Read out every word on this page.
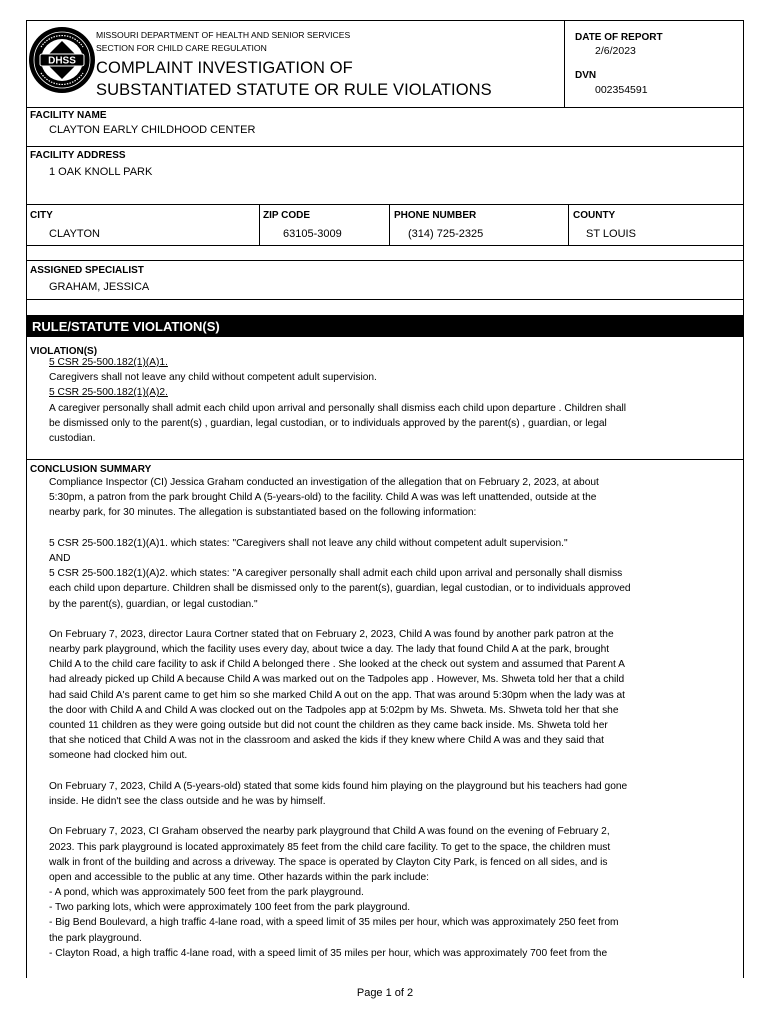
DHSS
MISSOURI DEPARTMENT OF HEALTH AND SENIOR SERVICES
SECTION FOR CHILD CARE REGULATION
COMPLAINT INVESTIGATION OF
SUBSTANTIATED STATUTE OR RULE VIOLATIONS
DATE OF REPORT
2/6/2023
DVN
002354591
FACILITY NAME
CLAYTON EARLY CHILDHOOD CENTER
FACILITY ADDRESS
1 OAK KNOLL PARK
CITY
CLAYTON
ZIP CODE
63105-3009
PHONE NUMBER
(314) 725-2325
COUNTY
ST LOUIS
ASSIGNED SPECIALIST
GRAHAM, JESSICA
RULE/STATUTE VIOLATION(S)
VIOLATION(S)
5 CSR 25-500.182(1)(A)1.
Caregivers shall not leave any child without competent adult supervision.
5 CSR 25-500.182(1)(A)2.
A caregiver personally shall admit each child upon arrival and personally shall dismiss each child upon departure . Children shall
be dismissed only to the parent(s) , guardian, legal custodian, or to individuals approved by the parent(s) , guardian, or legal
custodian.
CONCLUSION SUMMARY
Compliance Inspector (CI) Jessica Graham conducted an investigation of the allegation that on February 2, 2023, at about
5:30pm, a patron from the park brought Child A (5-years-old) to the facility. Child A was was left unattended, outside at the
nearby park, for 30 minutes. The allegation is substantiated based on the following information:
5 CSR 25-500.182(1)(A)1. which states: "Caregivers shall not leave any child without competent adult supervision."
AND
5 CSR 25-500.182(1)(A)2. which states: "A caregiver personally shall admit each child upon arrival and personally shall dismiss
each child upon departure. Children shall be dismissed only to the parent(s), guardian, legal custodian, or to individuals approved
by the parent(s), guardian, or legal custodian."
On February 7, 2023, director Laura Cortner stated that on February 2, 2023, Child A was found by another park patron at the
nearby park playground, which the facility uses every day, about twice a day. The lady that found Child A at the park, brought
Child A to the child care facility to ask if Child A belonged there . She looked at the check out system and assumed that Parent A
had already picked up Child A because Child A was marked out on the Tadpoles app . However, Ms. Shweta told her that a child
had said Child A's parent came to get him so she marked Child A out on the app. That was around 5:30pm when the lady was at
the door with Child A and Child A was clocked out on the Tadpoles app at 5:02pm by Ms. Shweta. Ms. Shweta told her that she
counted 11 children as they were going outside but did not count the children as they came back inside. Ms. Shweta told her
that she noticed that Child A was not in the classroom and asked the kids if they knew where Child A was and they said that
someone had clocked him out.
On February 7, 2023, Child A (5-years-old) stated that some kids found him playing on the playground but his teachers had gone
inside. He didn't see the class outside and he was by himself.
On February 7, 2023, CI Graham observed the nearby park playground that Child A was found on the evening of February 2,
2023. This park playground is located approximately 85 feet from the child care facility. To get to the space, the children must
walk in front of the building and across a driveway. The space is operated by Clayton City Park, is fenced on all sides, and is
open and accessible to the public at any time. Other hazards within the park include:
- A pond, which was approximately 500 feet from the park playground.
- Two parking lots, which were approximately 100 feet from the park playground.
- Big Bend Boulevard, a high traffic 4-lane road, with a speed limit of 35 miles per hour, which was approximately 250 feet from
the park playground.
- Clayton Road, a high traffic 4-lane road, with a speed limit of 35 miles per hour, which was approximately 700 feet from the
Page 1 of 2
